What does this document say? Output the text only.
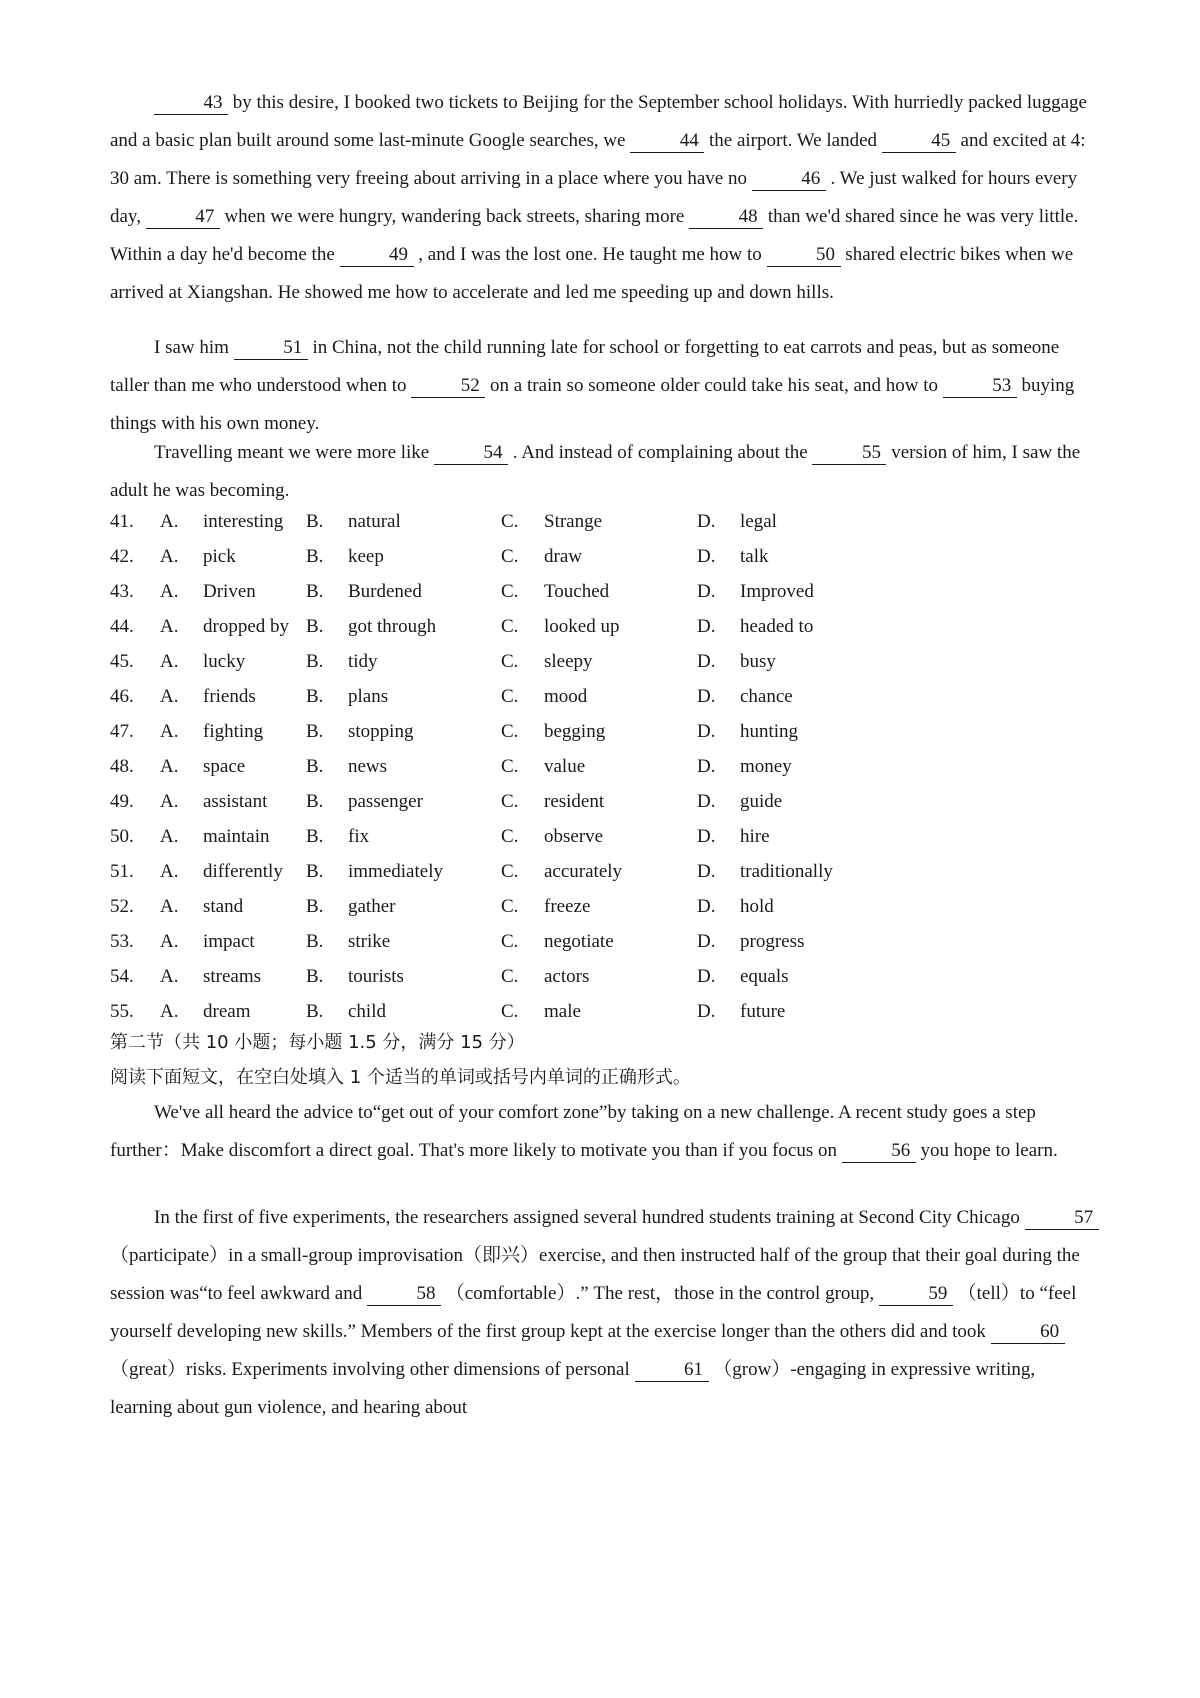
43 by this desire, I booked two tickets to Beijing for the September school holidays. With hurriedly packed luggage and a basic plan built around some last-minute Google searches, we	44 the airport. We landed	45 and excited at 4: 30 am. There is something very freeing about arriving in a place where you have no	46 . We just walked for hours every day,	47 when we were hungry, wandering back streets, sharing more	48 than we'd shared since he was very little. Within a day he'd become the	49 , and I was the lost one. He taught me how to	50 shared electric bikes when we arrived at Xiangshan. He showed me how to accelerate and led me speeding up and down hills.
I saw him	51 in China, not the child running late for school or forgetting to eat carrots and peas, but as someone taller than me who understood when to	52 on a train so someone older could take his seat, and how to	53 buying things with his own money.
Travelling meant we were more like	54 . And instead of complaining about the	55 version of him, I saw the adult he was becoming.
41. A. interesting B. natural	C. Strange	D. legal
42. A. pick	B. keep	C. draw	D. talk
43. A. Driven	B. Burdened	C. Touched	D. Improved
44. A. dropped by B. got through	C. looked up	D. headed to
45. A. lucky	B. tidy	C. sleepy	D. busy
46. A. friends	B. plans	C. mood	D. chance
47. A. fighting B. stopping	C. begging	D. hunting
48. A. space	B. news	C. value	D. money
49. A. assistant B. passenger	C. resident	D. guide
50. A. maintain B. fix	C. observe	D. hire
51. A. differently B. immediately	C. accurately	D. traditionally
52. A. stand	B. gather	C. freeze	D. hold
53. A. impact	B. strike	C. negotiate	D. progress
54. A. streams B. tourists	C. actors	D. equals
55. A. dream	B. child	C. male	D. future
第二节（共 10 小题；每小题 1.5 分，满分 15 分）
阅读下面短文，在空白处填入 1 个适当的单词或括号内单词的正确形式。
We've all heard the advice to“get out of your comfort zone”by taking on a new challenge. A recent study goes a step further：Make discomfort a direct goal. That's more likely to motivate you than if you focus on	56 you hope to learn.
In the first of five experiments, the researchers assigned several hundred students training at Second City Chicago	57 （participate）in a small-group improvisation（即兴）exercise, and then instructed half of the group that their goal during the session was“to feel awkward and	58 （comfortable）.” The rest，those in the control group,	59 （tell）to “feel yourself developing new skills.” Members of the first group kept at the exercise longer than the others did and took	60 （great）risks. Experiments involving other dimensions of personal	61 （grow）-engaging in expressive writing, learning about gun violence, and hearing about
